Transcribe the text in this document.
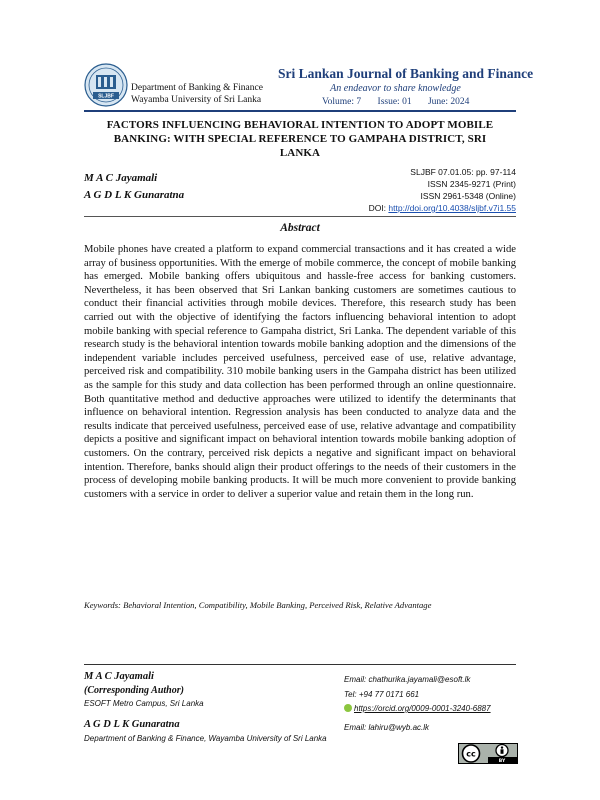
SLJBF
Department of Banking & Finance
Wayamba University of Sri Lanka
Sri Lankan Journal of Banking and Finance
An endeavor to share knowledge
Volume: 7 Issue: 01 June: 2024
FACTORS INFLUENCING BEHAVIORAL INTENTION TO ADOPT MOBILE
BANKING: WITH SPECIAL REFERENCE TO GAMPAHA DISTRICT, SRI
LANKA
M A C Jayamali
A G D L K Gunaratna
SLJBF 07.01.05: pp. 97-114
ISSN 2345-9271 (Print)
ISSN 2961-5348 (Online)
DOI: http://doi.org/10.4038/sljbf.v7i1.55
Abstract
Mobile phones have created a platform to expand commercial transactions and it has created a wide array of business opportunities. With the emerge of mobile commerce, the concept of mobile banking has emerged. Mobile banking offers ubiquitous and hassle-free access for banking customers. Nevertheless, it has been observed that Sri Lankan banking customers are sometimes cautious to conduct their financial activities through mobile devices. Therefore, this research study has been carried out with the objective of identifying the factors influencing behavioral intention to adopt mobile banking with special reference to Gampaha district, Sri Lanka. The dependent variable of this research study is the behavioral intention towards mobile banking adoption and the dimensions of the independent variable includes perceived usefulness, perceived ease of use, relative advantage, perceived risk and compatibility. 310 mobile banking users in the Gampaha district has been utilized as the sample for this study and data collection has been performed through an online questionnaire. Both quantitative method and deductive approaches were utilized to identify the determinants that influence on behavioral intention. Regression analysis has been conducted to analyze data and the results indicate that perceived usefulness, perceived ease of use, relative advantage and compatibility depicts a positive and significant impact on behavioral intention towards mobile banking adoption of customers. On the contrary, perceived risk depicts a negative and significant impact on behavioral intention. Therefore, banks should align their product offerings to the needs of their customers in the process of developing mobile banking products. It will be much more convenient to provide banking customers with a service in order to deliver a superior value and retain them in the long run.
Keywords: Behavioral Intention, Compatibility, Mobile Banking, Perceived Risk, Relative Advantage
M A C Jayamali
(Corresponding Author)
ESOFT Metro Campus, Sri Lanka
A G D L K Gunaratna
Department of Banking & Finance, Wayamba University of Sri Lanka
Email: chathurika.jayamali@esoft.lk
Tel: +94 77 0171 661
https://orcid.org/0009-0001-3240-6887
Email: lahiru@wyb.ac.lk
cc
BY
